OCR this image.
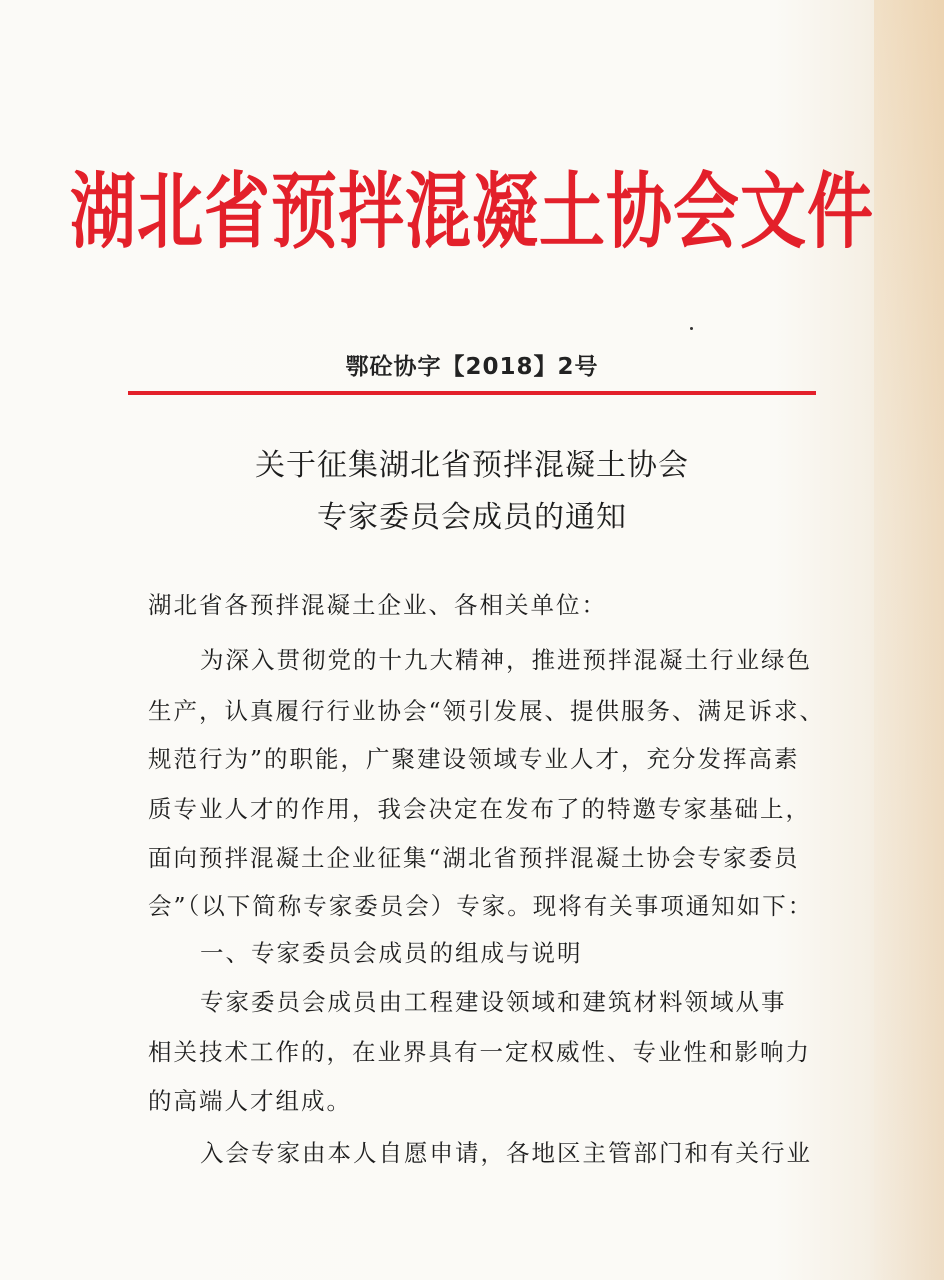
湖北省预拌混凝土协会文件
鄂砼协字【2018】2号
关于征集湖北省预拌混凝土协会
专家委员会成员的通知
湖北省各预拌混凝土企业、各相关单位：
为深入贯彻党的十九大精神，推进预拌混凝土行业绿色
生产，认真履行行业协会“领引发展、提供服务、满足诉求、
规范行为”的职能，广聚建设领域专业人才，充分发挥高素
质专业人才的作用，我会决定在发布了的特邀专家基础上，
面向预拌混凝土企业征集“湖北省预拌混凝土协会专家委员
会”（以下简称专家委员会）专家。现将有关事项通知如下：
一、专家委员会成员的组成与说明
专家委员会成员由工程建设领域和建筑材料领域从事
相关技术工作的，在业界具有一定权威性、专业性和影响力
的高端人才组成。
入会专家由本人自愿申请，各地区主管部门和有关行业
